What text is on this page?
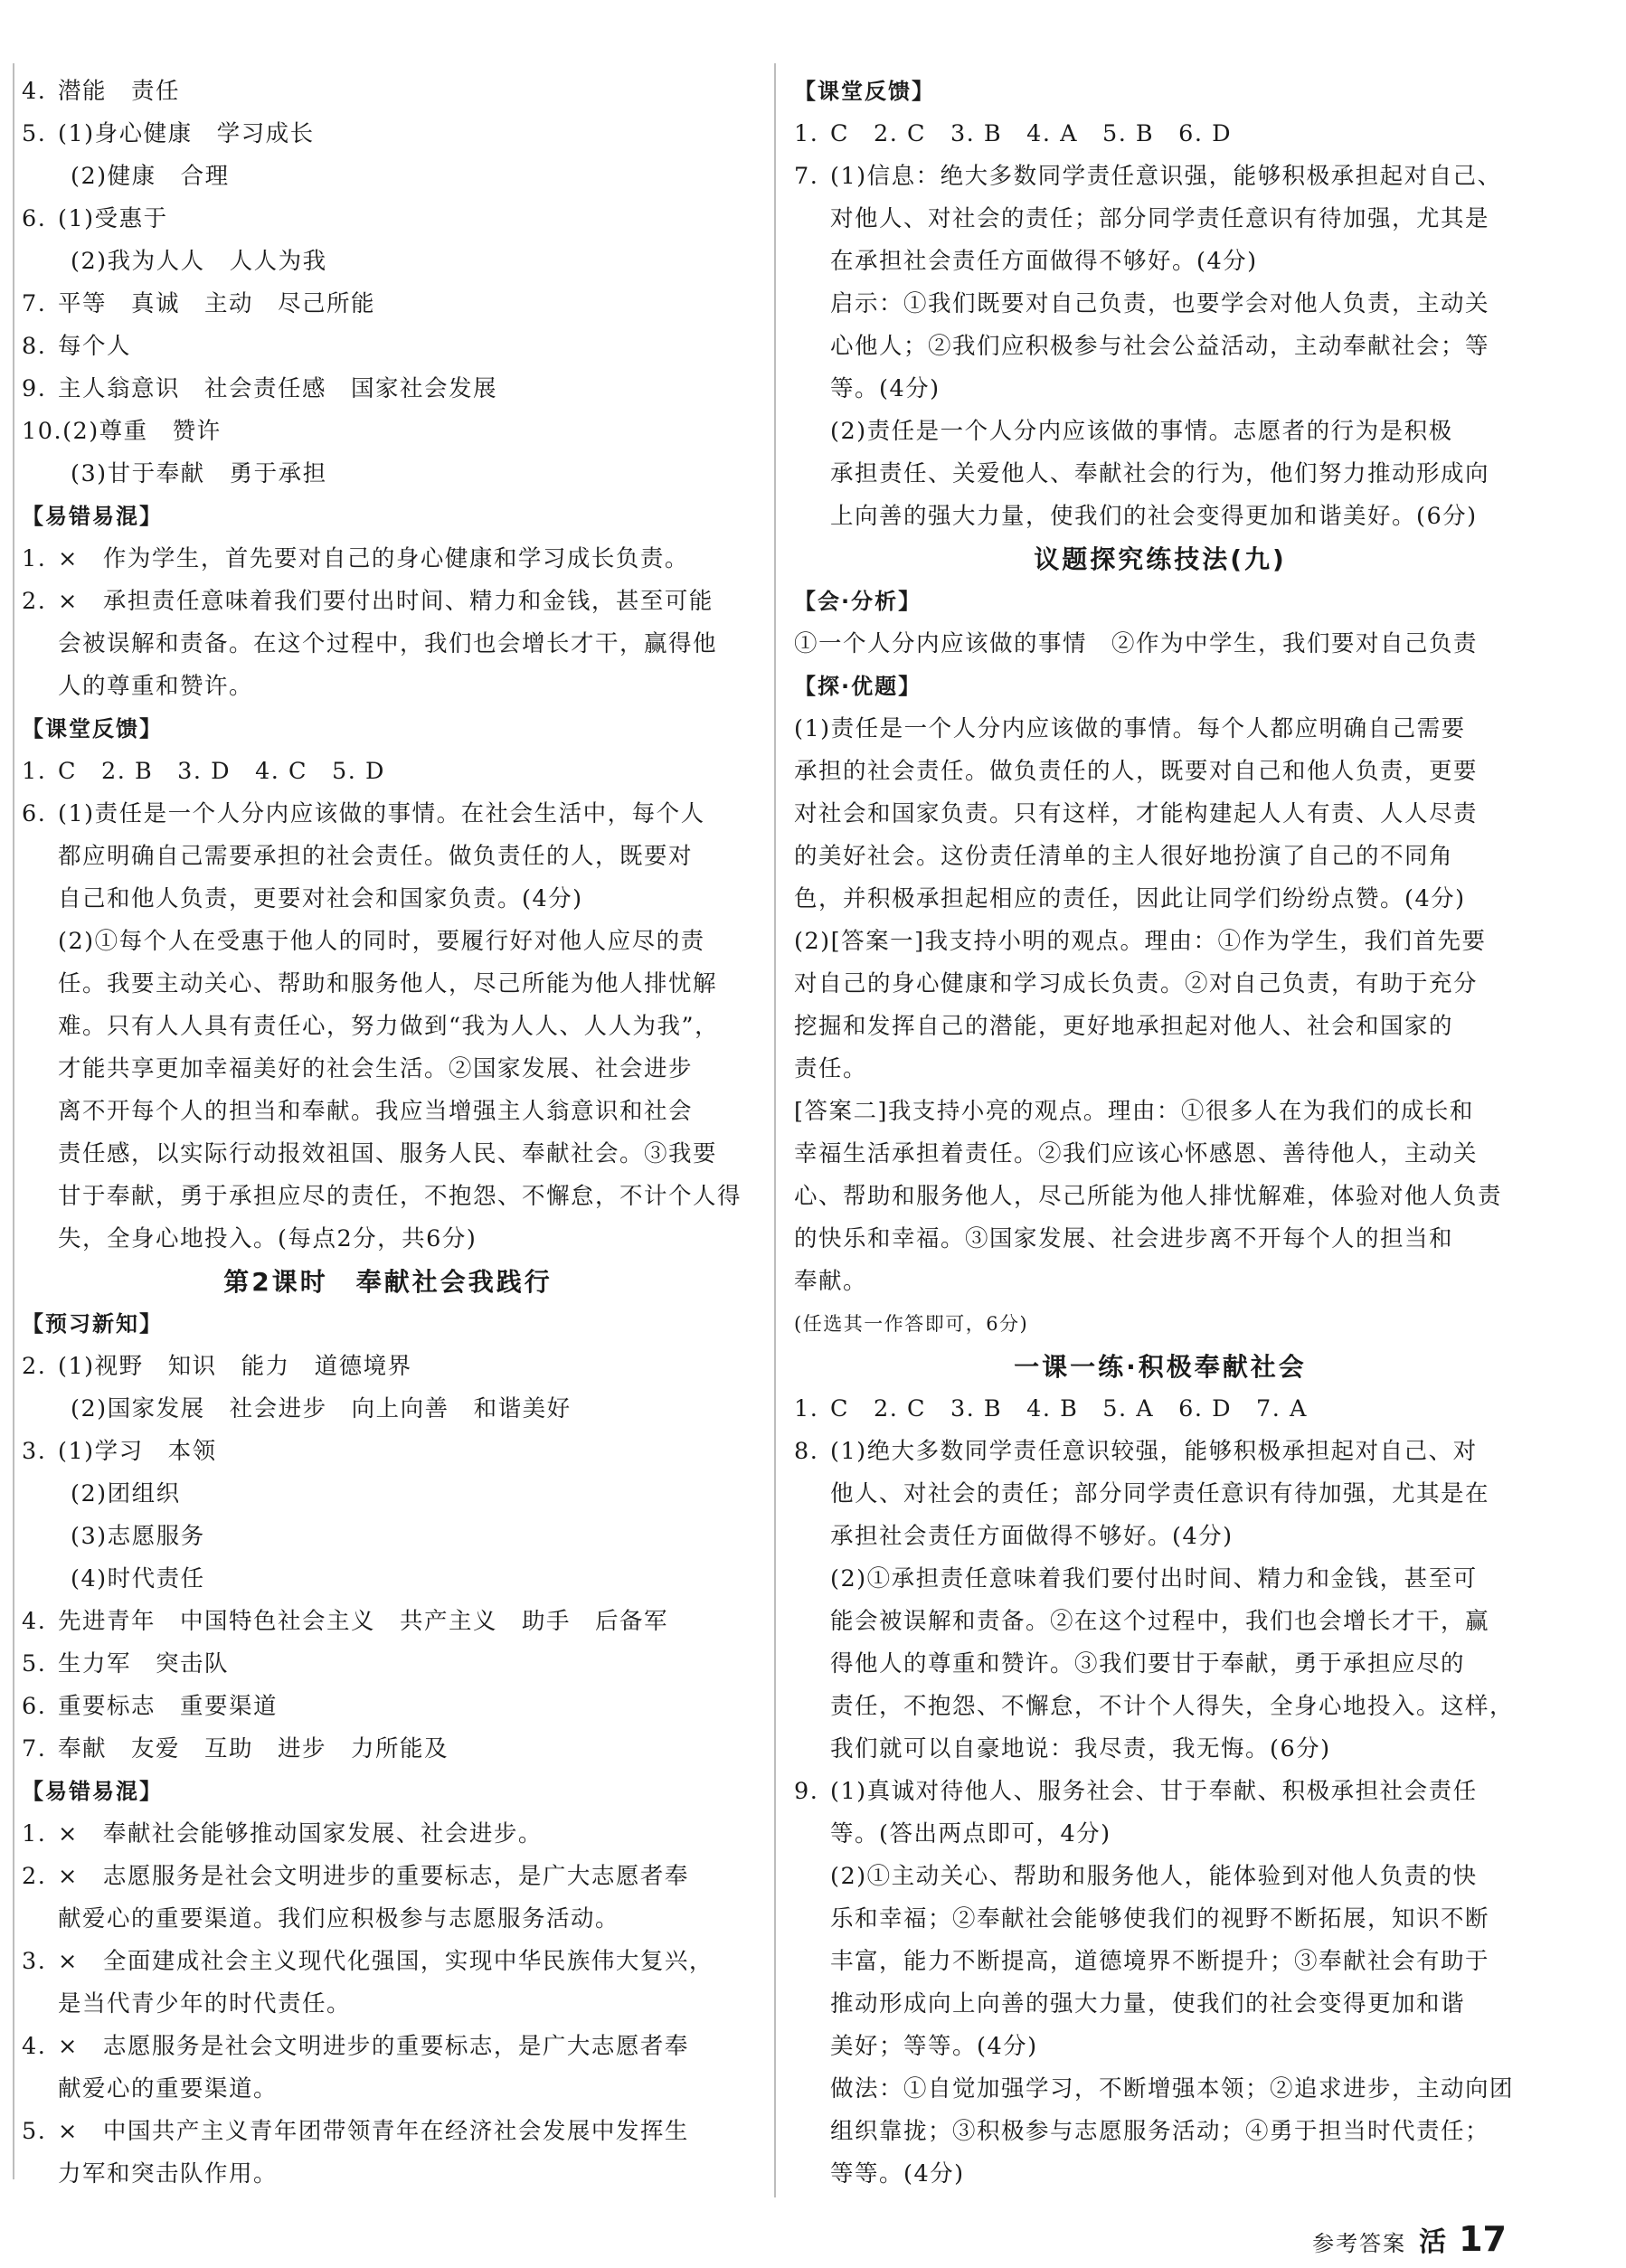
4. 潜能　责任
5. (1)身心健康　学习成长
(2)健康　合理
6. (1)受惠于
(2)我为人人　人人为我
7. 平等　真诚　主动　尽己所能
8. 每个人
9. 主人翁意识　社会责任感　国家社会发展
10.(2)尊重　赞许
(3)甘于奉献　勇于承担
【易错易混】
1. ×　作为学生，首先要对自己的身心健康和学习成长负责。
2. ×　承担责任意味着我们要付出时间、精力和金钱，甚至可能
会被误解和责备。在这个过程中，我们也会增长才干，赢得他
人的尊重和赞许。
【课堂反馈】
1. C　2. B　3. D　4. C　5. D
6. (1)责任是一个人分内应该做的事情。在社会生活中，每个人
都应明确自己需要承担的社会责任。做负责任的人，既要对
自己和他人负责，更要对社会和国家负责。(4分)
(2)①每个人在受惠于他人的同时，要履行好对他人应尽的责
任。我要主动关心、帮助和服务他人，尽己所能为他人排忧解
难。只有人人具有责任心，努力做到“我为人人、人人为我”，
才能共享更加幸福美好的社会生活。②国家发展、社会进步
离不开每个人的担当和奉献。我应当增强主人翁意识和社会
责任感，以实际行动报效祖国、服务人民、奉献社会。③我要
甘于奉献，勇于承担应尽的责任，不抱怨、不懈怠，不计个人得
失，全身心地投入。(每点2分，共6分)
第2课时　奉献社会我践行
【预习新知】
2. (1)视野　知识　能力　道德境界
(2)国家发展　社会进步　向上向善　和谐美好
3. (1)学习　本领
(2)团组织
(3)志愿服务
(4)时代责任
4. 先进青年　中国特色社会主义　共产主义　助手　后备军
5. 生力军　突击队
6. 重要标志　重要渠道
7. 奉献　友爱　互助　进步　力所能及
【易错易混】
1. ×　奉献社会能够推动国家发展、社会进步。
2. ×　志愿服务是社会文明进步的重要标志，是广大志愿者奉
献爱心的重要渠道。我们应积极参与志愿服务活动。
3. ×　全面建成社会主义现代化强国，实现中华民族伟大复兴，
是当代青少年的时代责任。
4. ×　志愿服务是社会文明进步的重要标志，是广大志愿者奉
献爱心的重要渠道。
5. ×　中国共产主义青年团带领青年在经济社会发展中发挥生
力军和突击队作用。
【课堂反馈】
1. C　2. C　3. B　4. A　5. B　6. D
7. (1)信息：绝大多数同学责任意识强，能够积极承担起对自己、
对他人、对社会的责任；部分同学责任意识有待加强，尤其是
在承担社会责任方面做得不够好。(4分)
启示：①我们既要对自己负责，也要学会对他人负责，主动关
心他人；②我们应积极参与社会公益活动，主动奉献社会；等
等。(4分)
(2)责任是一个人分内应该做的事情。志愿者的行为是积极
承担责任、关爱他人、奉献社会的行为，他们努力推动形成向
上向善的强大力量，使我们的社会变得更加和谐美好。(6分)
议题探究练技法(九)
【会·分析】
①一个人分内应该做的事情　②作为中学生，我们要对自己负责
【探·优题】
(1)责任是一个人分内应该做的事情。每个人都应明确自己需要
承担的社会责任。做负责任的人，既要对自己和他人负责，更要
对社会和国家负责。只有这样，才能构建起人人有责、人人尽责
的美好社会。这份责任清单的主人很好地扮演了自己的不同角
色，并积极承担起相应的责任，因此让同学们纷纷点赞。(4分)
(2)[答案一]我支持小明的观点。理由：①作为学生，我们首先要
对自己的身心健康和学习成长负责。②对自己负责，有助于充分
挖掘和发挥自己的潜能，更好地承担起对他人、社会和国家的
责任。
[答案二]我支持小亮的观点。理由：①很多人在为我们的成长和
幸福生活承担着责任。②我们应该心怀感恩、善待他人，主动关
心、帮助和服务他人，尽己所能为他人排忧解难，体验对他人负责
的快乐和幸福。③国家发展、社会进步离不开每个人的担当和
奉献。
(任选其一作答即可，6分)
一课一练·积极奉献社会
1. C　2. C　3. B　4. B　5. A　6. D　7. A
8. (1)绝大多数同学责任意识较强，能够积极承担起对自己、对
他人、对社会的责任；部分同学责任意识有待加强，尤其是在
承担社会责任方面做得不够好。(4分)
(2)①承担责任意味着我们要付出时间、精力和金钱，甚至可
能会被误解和责备。②在这个过程中，我们也会增长才干，赢
得他人的尊重和赞许。③我们要甘于奉献，勇于承担应尽的
责任，不抱怨、不懈怠，不计个人得失，全身心地投入。这样，
我们就可以自豪地说：我尽责，我无悔。(6分)
9. (1)真诚对待他人、服务社会、甘于奉献、积极承担社会责任
等。(答出两点即可，4分)
(2)①主动关心、帮助和服务他人，能体验到对他人负责的快
乐和幸福；②奉献社会能够使我们的视野不断拓展，知识不断
丰富，能力不断提高，道德境界不断提升；③奉献社会有助于
推动形成向上向善的强大力量，使我们的社会变得更加和谐
美好；等等。(4分)
做法：①自觉加强学习，不断增强本领；②追求进步，主动向团
组织靠拢；③积极参与志愿服务活动；④勇于担当时代责任；
等等。(4分)
参考答案 活 17
